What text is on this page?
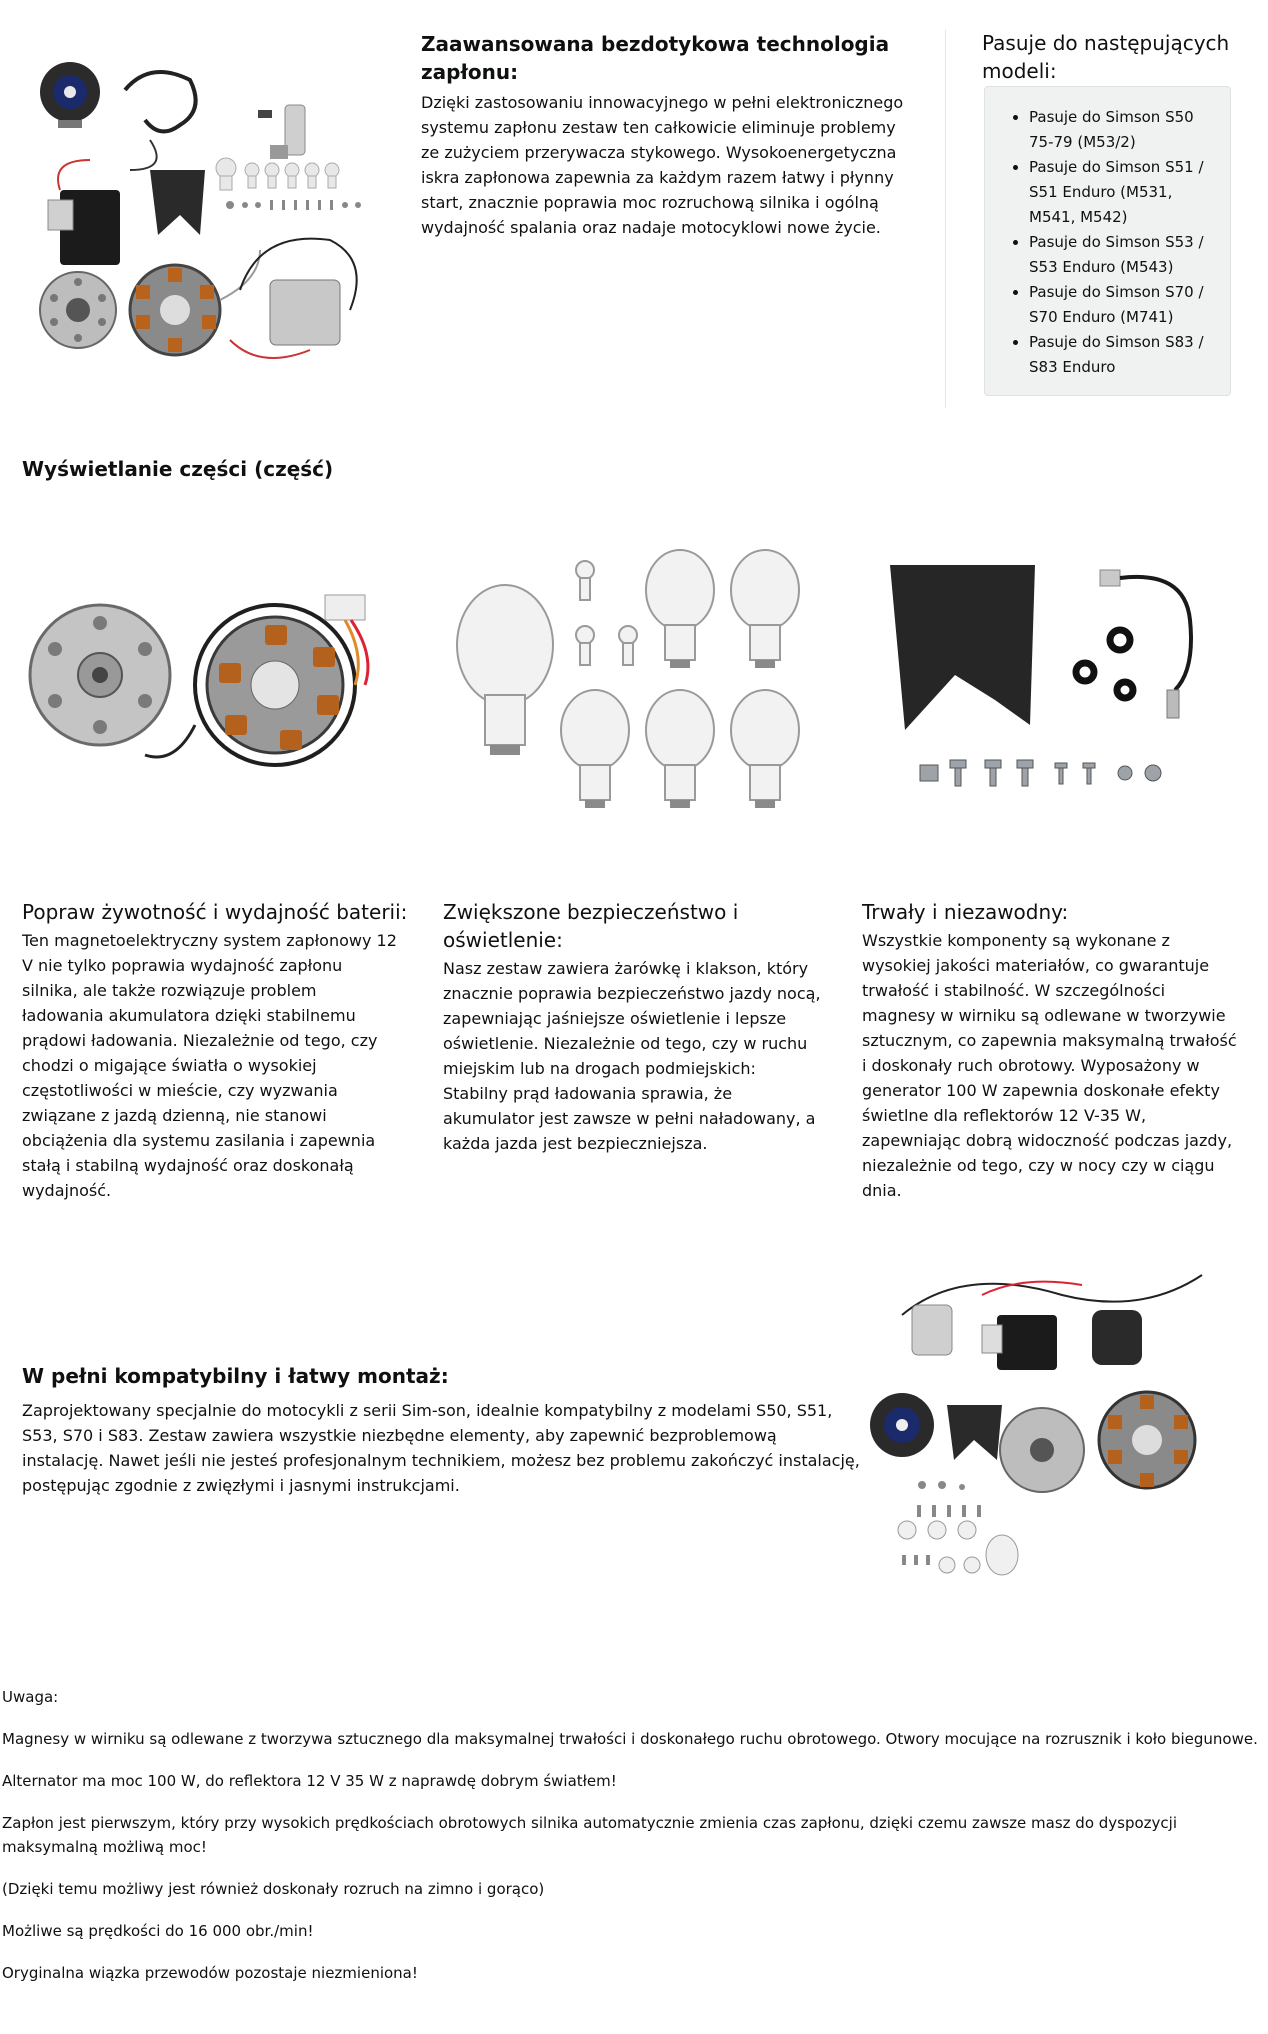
Zaawansowana bezdotykowa technologia zapłonu:
Dzięki zastosowaniu innowacyjnego w pełni elektronicznego systemu zapłonu zestaw ten całkowicie eliminuje problemy ze zużyciem przerywacza stykowego. Wysokoenergetyczna iskra zapłonowa zapewnia za każdym razem łatwy i płynny start, znacznie poprawia moc rozruchową silnika i ogólną wydajność spalania oraz nadaje motocyklowi nowe życie.
Pasuje do następujących modeli:
• Pasuje do Simson S50 75-79 (M53/2)
• Pasuje do Simson S51 / S51 Enduro (M531, M541, M542)
• Pasuje do Simson S53 / S53 Enduro (M543)
• Pasuje do Simson S70 / S70 Enduro (M741)
• Pasuje do Simson S83 / S83 Enduro
Wyświetlanie części (część)
Popraw żywotność i wydajność baterii:
Ten magnetoelektryczny system zapłonowy 12 V nie tylko poprawia wydajność zapłonu silnika, ale także rozwiązuje problem ładowania akumulatora dzięki stabilnemu prądowi ładowania. Niezależnie od tego, czy chodzi o migające światła o wysokiej częstotliwości w mieście, czy wyzwania związane z jazdą dzienną, nie stanowi obciążenia dla systemu zasilania i zapewnia stałą i stabilną wydajność oraz doskonałą wydajność.
Zwiększone bezpieczeństwo i oświetlenie:
Nasz zestaw zawiera żarówkę i klakson, który znacznie poprawia bezpieczeństwo jazdy nocą, zapewniając jaśniejsze oświetlenie i lepsze oświetlenie. Niezależnie od tego, czy w ruchu miejskim lub na drogach podmiejskich: Stabilny prąd ładowania sprawia, że akumulator jest zawsze w pełni naładowany, a każda jazda jest bezpieczniejsza.
Trwały i niezawodny:
Wszystkie komponenty są wykonane z wysokiej jakości materiałów, co gwarantuje trwałość i stabilność. W szczególności magnesy w wirniku są odlewane w tworzywie sztucznym, co zapewnia maksymalną trwałość i doskonały ruch obrotowy. Wyposażony w generator 100 W zapewnia doskonałe efekty świetlne dla reflektorów 12 V-35 W, zapewniając dobrą widoczność podczas jazdy, niezależnie od tego, czy w nocy czy w ciągu dnia.
W pełni kompatybilny i łatwy montaż:
Zaprojektowany specjalnie do motocykli z serii Sim-son, idealnie kompatybilny z modelami S50, S51, S53, S70 i S83. Zestaw zawiera wszystkie niezbędne elementy, aby zapewnić bezproblemową instalację. Nawet jeśli nie jesteś profesjonalnym technikiem, możesz bez problemu zakończyć instalację, postępując zgodnie z zwięzłymi i jasnymi instrukcjami.

Uwaga:

Magnesy w wirniku są odlewane z tworzywa sztucznego dla maksymalnej trwałości i doskonałego ruchu obrotowego. Otwory mocujące na rozrusznik i koło biegunowe.

Alternator ma moc 100 W, do reflektora 12 V 35 W z naprawdę dobrym światłem!

Zapłon jest pierwszym, który przy wysokich prędkościach obrotowych silnika automatycznie zmienia czas zapłonu, dzięki czemu zawsze masz do dyspozycji maksymalną możliwą moc!

(Dzięki temu możliwy jest również doskonały rozruch na zimno i gorąco)

Możliwe są prędkości do 16 000 obr./min!

Oryginalna wiązka przewodów pozostaje niezmieniona!
